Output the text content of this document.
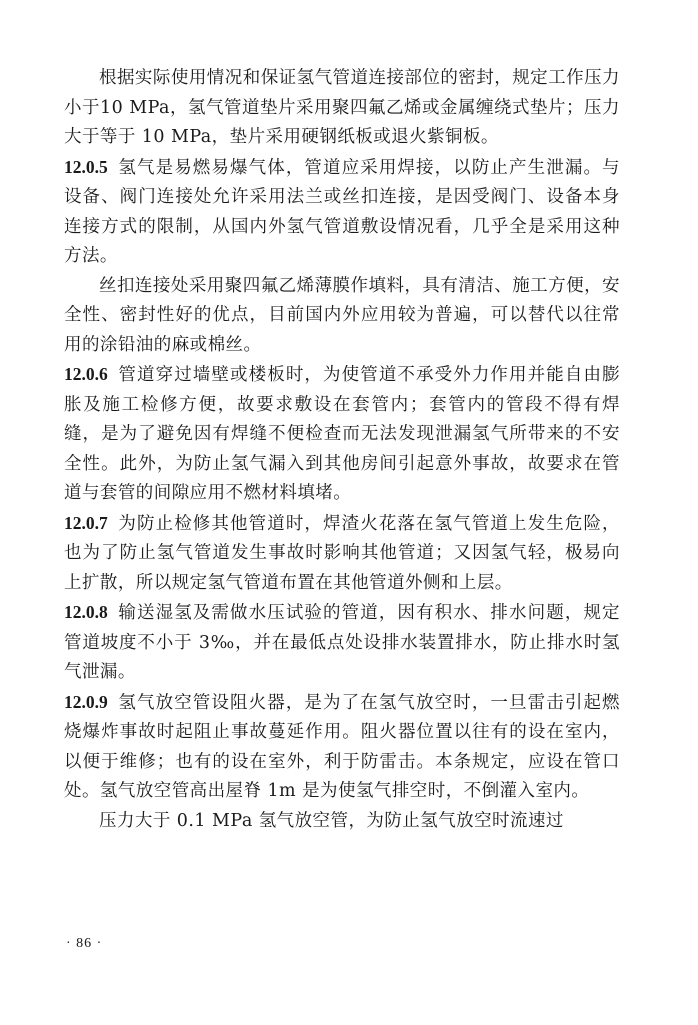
根据实际使用情况和保证氢气管道连接部位的密封，规定工作压力小于10 MPa，氢气管道垫片采用聚四氟乙烯或金属缠绕式垫片；压力大于等于 10 MPa，垫片采用硬钢纸板或退火紫铜板。

12.0.5 氢气是易燃易爆气体，管道应采用焊接，以防止产生泄漏。与设备、阀门连接处允许采用法兰或丝扣连接，是因受阀门、设备本身连接方式的限制，从国内外氢气管道敷设情况看，几乎全是采用这种方法。

丝扣连接处采用聚四氟乙烯薄膜作填料，具有清洁、施工方便，安全性、密封性好的优点，目前国内外应用较为普遍，可以替代以往常用的涂铅油的麻或棉丝。

12.0.6 管道穿过墙壁或楼板时，为使管道不承受外力作用并能自由膨胀及施工检修方便，故要求敷设在套管内；套管内的管段不得有焊缝，是为了避免因有焊缝不便检查而无法发现泄漏氢气所带来的不安全性。此外，为防止氢气漏入到其他房间引起意外事故，故要求在管道与套管的间隙应用不燃材料填堵。

12.0.7 为防止检修其他管道时，焊渣火花落在氢气管道上发生危险，也为了防止氢气管道发生事故时影响其他管道；又因氢气轻，极易向上扩散，所以规定氢气管道布置在其他管道外侧和上层。

12.0.8 输送湿氢及需做水压试验的管道，因有积水、排水问题，规定管道坡度不小于 3‰，并在最低点处设排水装置排水，防止排水时氢气泄漏。

12.0.9 氢气放空管设阻火器，是为了在氢气放空时，一旦雷击引起燃烧爆炸事故时起阻止事故蔓延作用。阻火器位置以往有的设在室内，以便于维修；也有的设在室外，利于防雷击。本条规定，应设在管口处。氢气放空管高出屋脊 1m 是为使氢气排空时，不倒灌入室内。

压力大于 0.1 MPa 氢气放空管，为防止氢气放空时流速过

· 86 ·
